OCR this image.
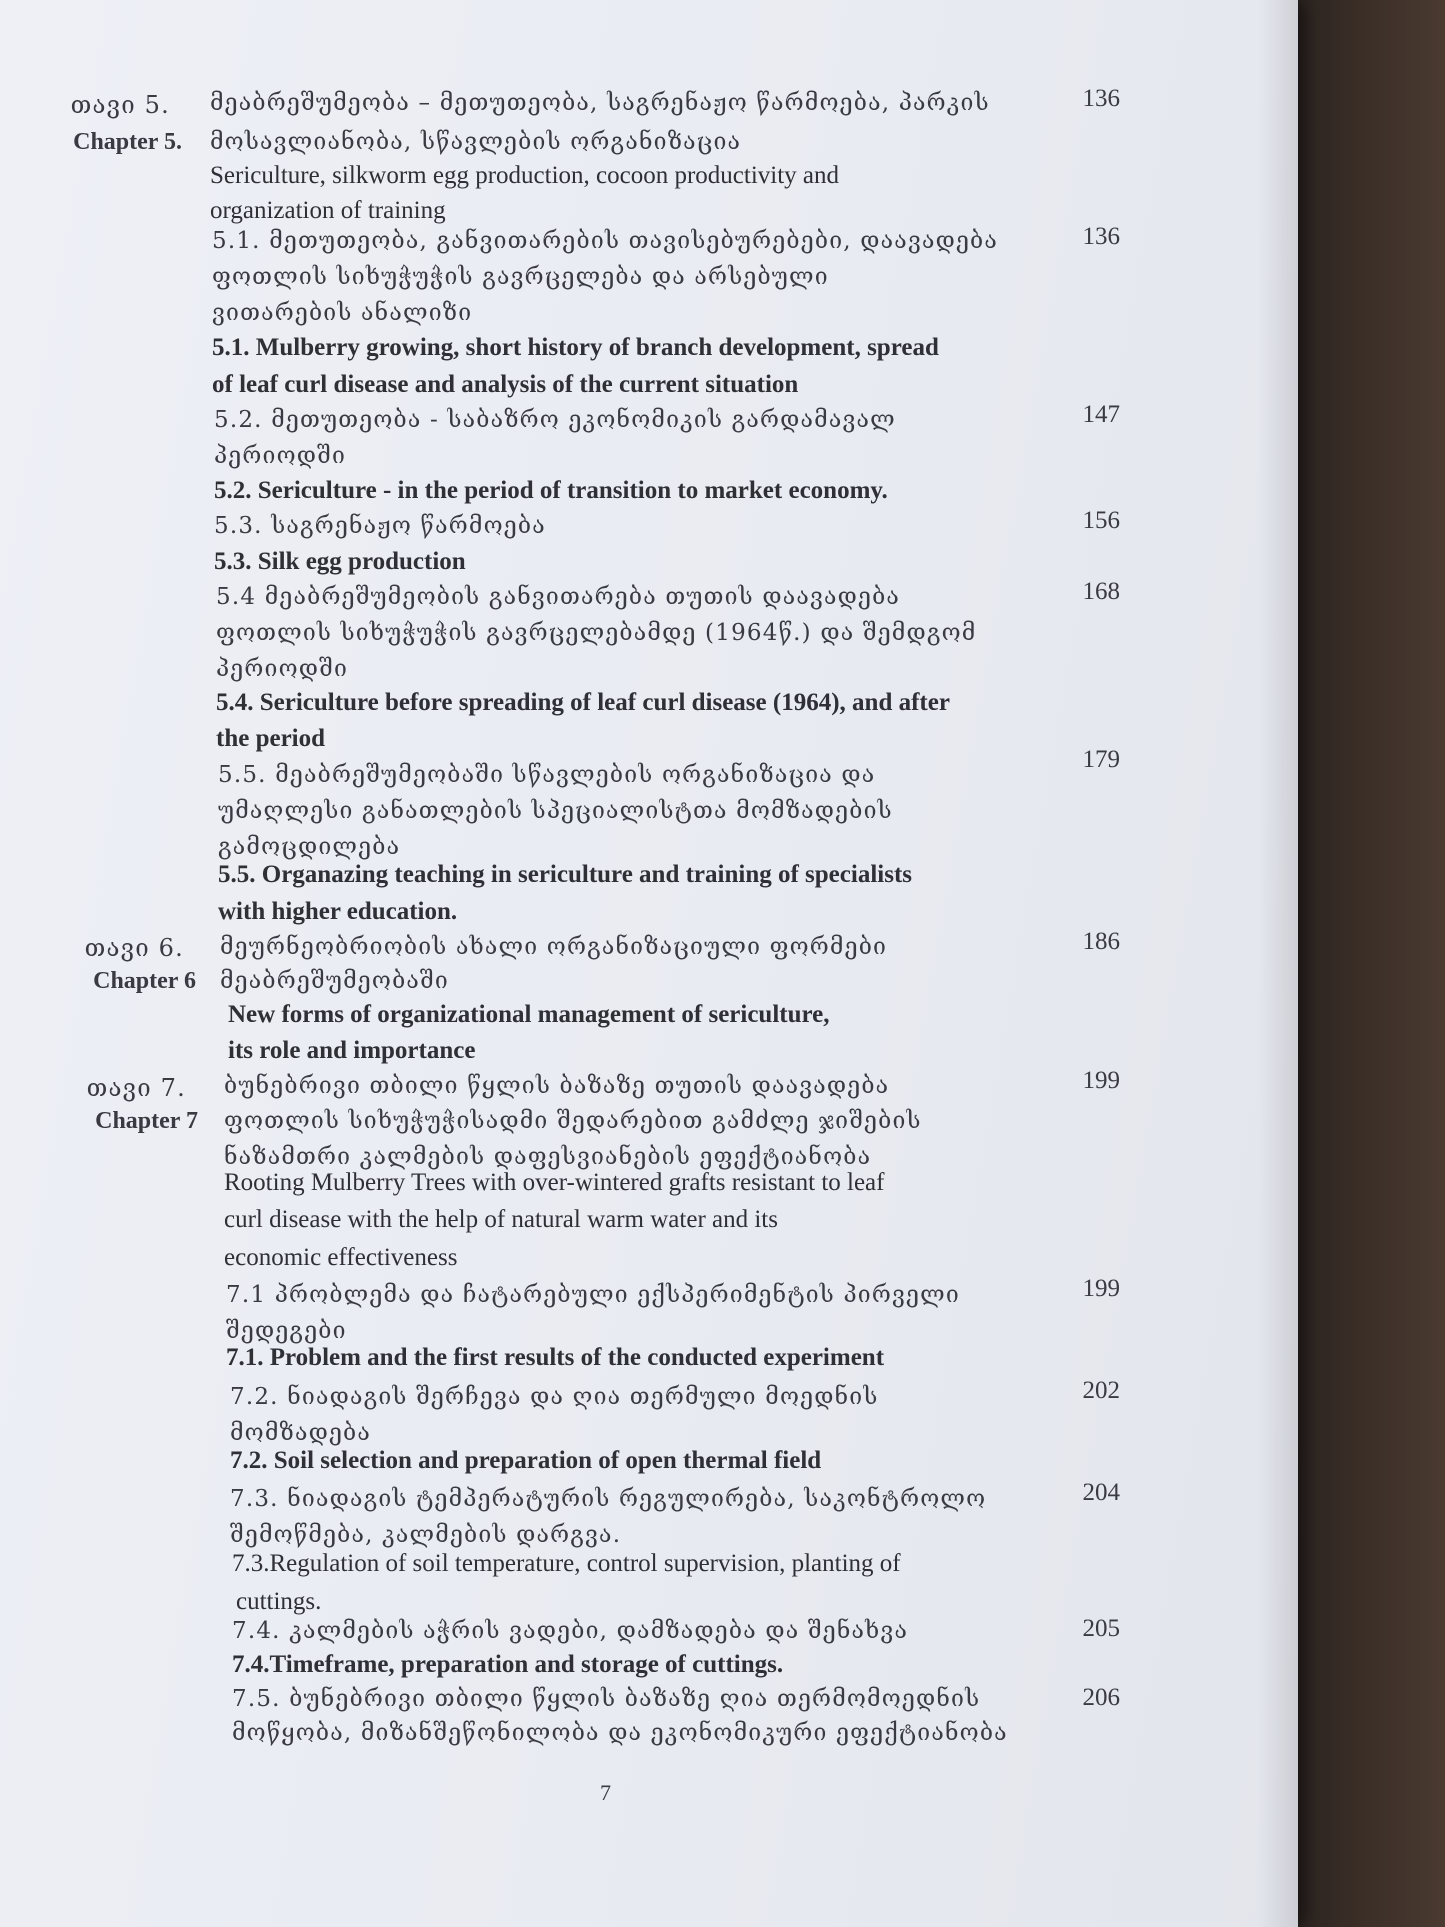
თავი 5.
Chapter 5.
მეაბრეშუმეობა – მეთუთეობა, საგრენაჟო წარმოება, პარკის
მოსავლიანობა, სწავლების ორგანიზაცია
Sericulture, silkworm egg production, cocoon productivity and
organization of training
136
5.1. მეთუთეობა, განვითარების თავისებურებები, დაავადება
ფოთლის სიხუჭუჭის გავრცელება და არსებული
ვითარების ანალიზი
5.1. Mulberry growing, short history of branch development, spread
of leaf curl disease and analysis of the current situation
136
5.2. მეთუთეობა - საბაზრო ეკონომიკის გარდამავალ
პერიოდში
5.2. Sericulture - in the period of transition to market economy.
147
5.3. საგრენაჟო წარმოება
5.3. Silk egg production
156
5.4 მეაბრეშუმეობის განვითარება თუთის დაავადება
ფოთლის სიხუჭუჭის გავრცელებამდე (1964წ.) და შემდგომ
პერიოდში
5.4. Sericulture before spreading of leaf curl disease (1964), and after
the period
168
5.5. მეაბრეშუმეობაში სწავლების ორგანიზაცია და
უმაღლესი განათლების სპეციალისტთა მომზადების
გამოცდილება
5.5. Organazing teaching in sericulture and training of specialists
with higher education.
179
თავი 6.
Chapter 6
მეურნეობრიობის ახალი ორგანიზაციული ფორმები
მეაბრეშუმეობაში
New forms of organizational management of sericulture,
its role and importance
186
თავი 7.
Chapter 7
ბუნებრივი თბილი წყლის ბაზაზე თუთის დაავადება
ფოთლის სიხუჭუჭისადმი შედარებით გამძლე ჯიშების
ნაზამთრი კალმების დაფესვიანების ეფექტიანობა
Rooting Mulberry Trees with over-wintered grafts resistant to leaf
curl disease with the help of natural warm water and its
economic effectiveness
199
7.1 პრობლემა და ჩატარებული ექსპერიმენტის პირველი
შედეგები
7.1. Problem and the first results of the conducted experiment
199
7.2. ნიადაგის შერჩევა და ღია თერმული მოედნის
მომზადება
7.2. Soil selection and preparation of open thermal field
202
7.3. ნიადაგის ტემპერატურის რეგულირება, საკონტროლო
შემოწმება, კალმების დარგვა.
7.3.Regulation of soil temperature, control supervision, planting of
cuttings.
204
7.4. კალმების აჭრის ვადები, დამზადება და შენახვა
7.4.Timeframe, preparation and storage of cuttings.
205
7.5. ბუნებრივი თბილი წყლის ბაზაზე ღია თერმომოედნის
მოწყობა, მიზანშეწონილობა და ეკონომიკური ეფექტიანობა
206
7
